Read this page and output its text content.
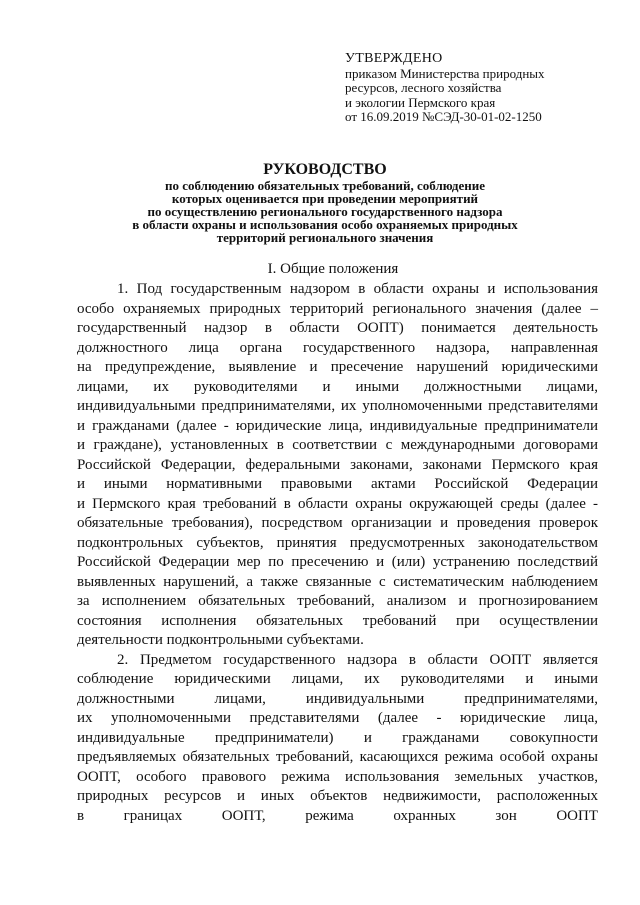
УТВЕРЖДЕНО
приказом Министерства природных
ресурсов, лесного хозяйства
и экологии Пермского края
от 16.09.2019 №СЭД-30-01-02-1250
РУКОВОДСТВО
по соблюдению обязательных требований, соблюдение
которых оценивается при проведении мероприятий
по осуществлению регионального государственного надзора
в области охраны и использования особо охраняемых природных
территорий регионального значения
I. Общие положения
1. Под государственным надзором в области охраны и использования
особо охраняемых природных территорий регионального значения (далее –
государственный надзор в области ООПТ) понимается деятельность
должностного лица органа государственного надзора, направленная
на предупреждение, выявление и пресечение нарушений юридическими
лицами, их руководителями и иными должностными лицами,
индивидуальными предпринимателями, их уполномоченными представителями
и гражданами (далее - юридические лица, индивидуальные предприниматели
и граждане), установленных в соответствии с международными договорами
Российской Федерации, федеральными законами, законами Пермского края
и иными нормативными правовыми актами Российской Федерации
и Пермского края требований в области охраны окружающей среды (далее -
обязательные требования), посредством организации и проведения проверок
подконтрольных субъектов, принятия предусмотренных законодательством
Российской Федерации мер по пресечению и (или) устранению последствий
выявленных нарушений, а также связанные с систематическим наблюдением
за исполнением обязательных требований, анализом и прогнозированием
состояния исполнения обязательных требований при осуществлении
деятельности подконтрольными субъектами.
2. Предметом государственного надзора в области ООПТ является
соблюдение юридическими лицами, их руководителями и иными
должностными лицами, индивидуальными предпринимателями,
их уполномоченными представителями (далее - юридические лица,
индивидуальные предприниматели) и гражданами совокупности
предъявляемых обязательных требований, касающихся режима особой охраны
ООПТ, особого правового режима использования земельных участков,
природных ресурсов и иных объектов недвижимости, расположенных
в границах ООПТ, режима охранных зон ООПТ
